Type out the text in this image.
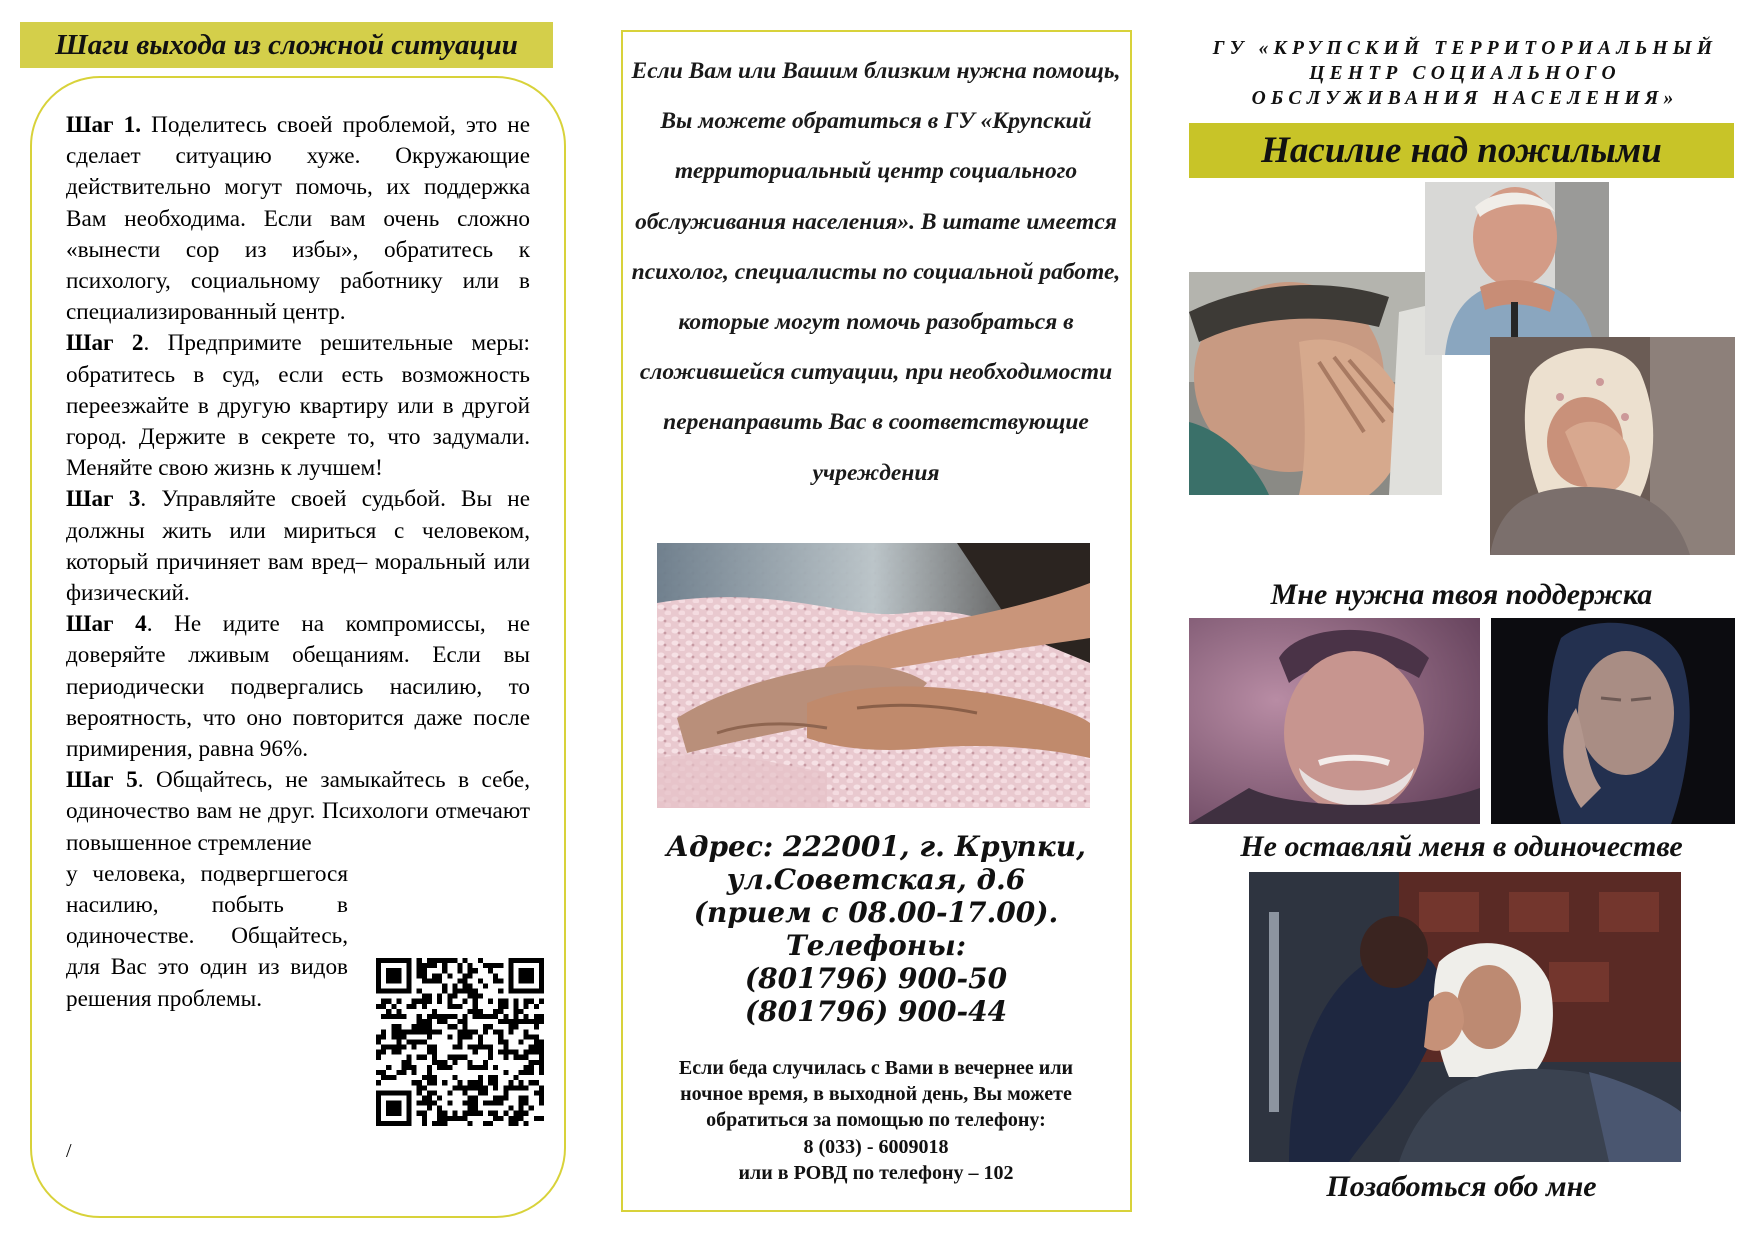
Шаги выхода из сложной ситуации

Шаг 1. Поделитесь своей проблемой, это не сделает ситуацию хуже. Окружающие действительно могут помочь, их поддержка Вам необходима. Если вам очень сложно «вынести сор из избы», обратитесь к психологу, социальному работнику или в специализированный центр.

Шаг 2. Предпримите решительные меры: обратитесь в суд, если есть возможность переезжайте в другую квартиру или в другой город. Держите в секрете то, что задумали. Меняйте свою жизнь к лучшем!

Шаг 3. Управляйте своей судьбой. Вы не должны жить или мириться с человеком, который причиняет вам вред– моральный или физический.

Шаг 4. Не идите на компромиссы, не доверяйте лживым обещаниям. Если вы периодически подвергались насилию, то вероятность, что оно повторится даже после примирения, равна 96%.

Шаг 5. Общайтесь, не замыкайтесь в себе, одиночество вам не друг. Психологи отмечают повышенное стремление

у человека, подвергшегося насилию, побыть в одиночестве. Общайтесь, для Вас это один из видов решения проблемы.

/
Если Вам или Вашим близким нужна помощь, Вы можете обратиться в ГУ «Крупский территориальный центр социального обслуживания населения». В штате имеется психолог, специалисты по социальной работе, которые могут помочь разобраться в сложившейся ситуации, при необходимости перенаправить Вас в соответствующие учреждения
Адрес: 222001, г. Крупки,
ул.Советская, д.6
(прием с 08.00-17.00).
Телефоны:
(801796) 900-50
(801796) 900-44
Если беда случилась с Вами в вечернее или
ночное время, в выходной день, Вы можете
обратиться за помощью по телефону:
8 (033) - 6009018
или в РОВД по телефону – 102
ГУ «КРУПСКИЙ ТЕРРИТОРИАЛЬНЫЙ
ЦЕНТР СОЦИАЛЬНОГО
ОБСЛУЖИВАНИЯ НАСЕЛЕНИЯ»
Насилие над пожилыми
Мне нужна твоя поддержка
Не оставляй меня в одиночестве
Позаботься обо мне
